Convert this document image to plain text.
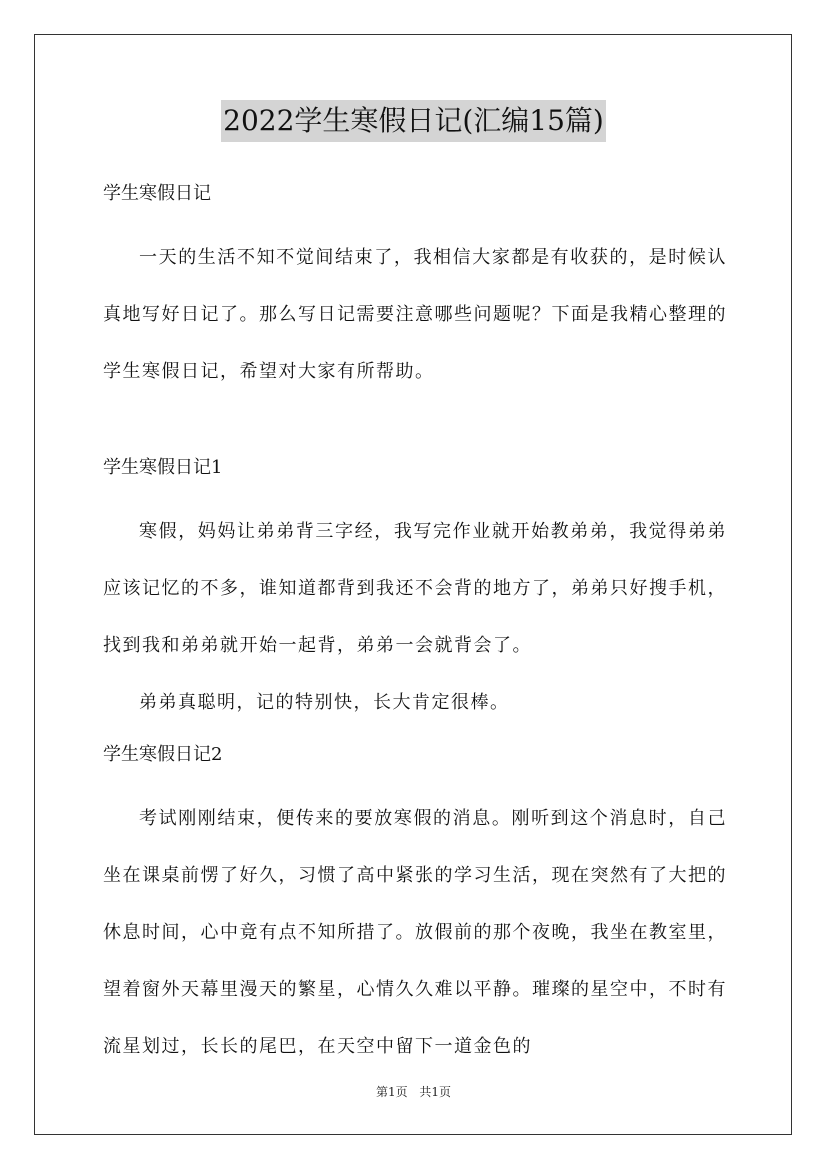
2022学生寒假日记(汇编15篇)

学生寒假日记

一天的生活不知不觉间结束了，我相信大家都是有收获的，是时候认真地写好日记了。那么写日记需要注意哪些问题呢？下面是我精心整理的学生寒假日记，希望对大家有所帮助。

学生寒假日记1

寒假，妈妈让弟弟背三字经，我写完作业就开始教弟弟，我觉得弟弟应该记忆的不多，谁知道都背到我还不会背的地方了，弟弟只好搜手机，找到我和弟弟就开始一起背，弟弟一会就背会了。

弟弟真聪明，记的特别快，长大肯定很棒。

学生寒假日记2

考试刚刚结束，便传来的要放寒假的消息。刚听到这个消息时，自己坐在课桌前愣了好久，习惯了高中紧张的学习生活，现在突然有了大把的休息时间，心中竟有点不知所措了。放假前的那个夜晚，我坐在教室里，望着窗外天幕里漫天的繁星，心情久久难以平静。璀璨的星空中，不时有流星划过，长长的尾巴，在天空中留下一道金色的

第1页 共1页
